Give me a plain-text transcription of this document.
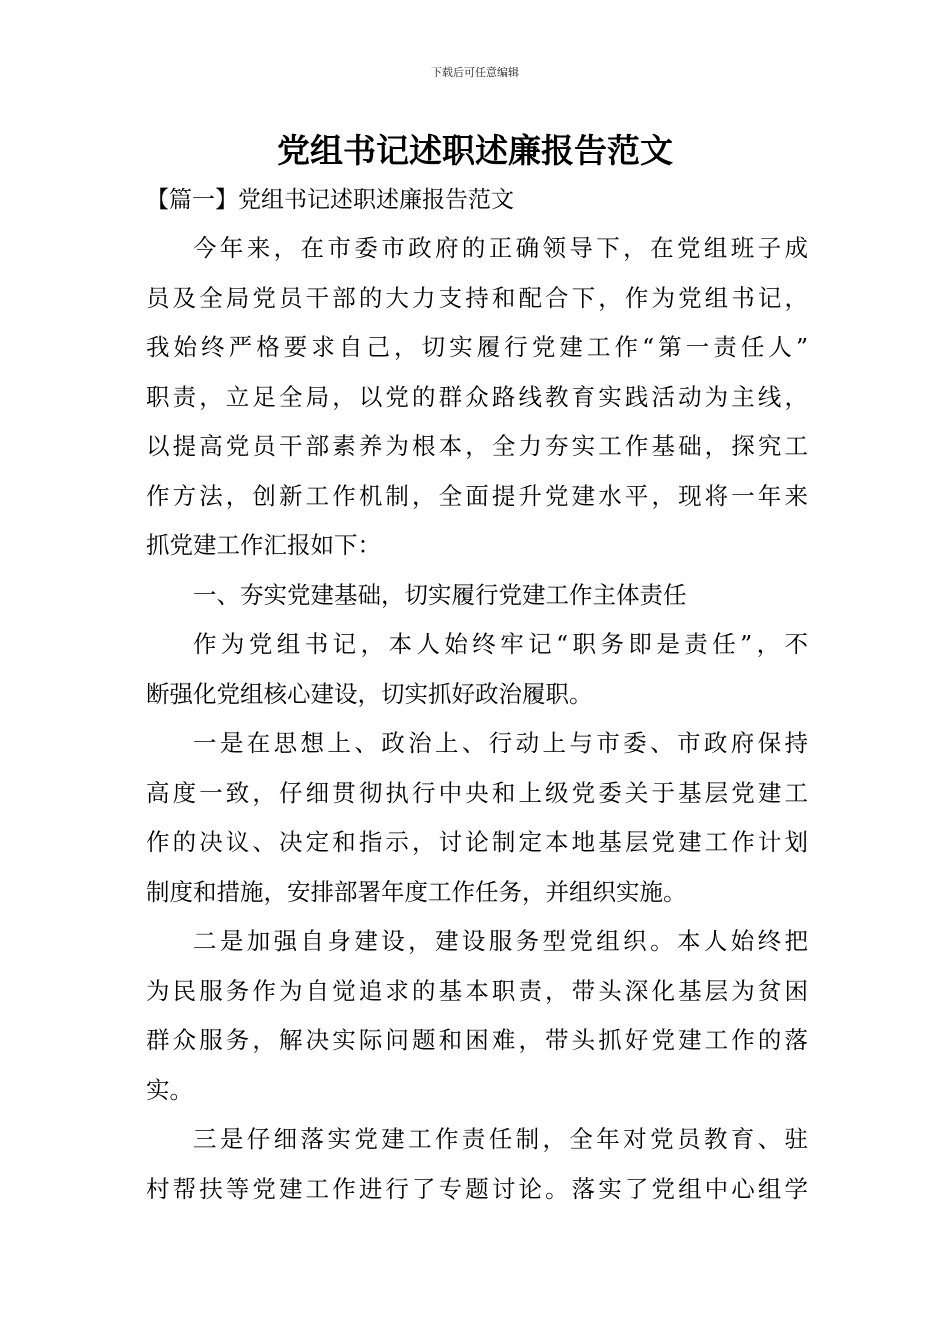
下载后可任意编辑
党组书记述职述廉报告范文
【篇一】党组书记述职述廉报告范文

今年来，在市委市政府的正确领导下，在党组班子成
员及全局党员干部的大力支持和配合下，作为党组书记，
我始终严格要求自己，切实履行党建工作“第一责任人”
职责，立足全局，以党的群众路线教育实践活动为主线，
以提高党员干部素养为根本，全力夯实工作基础，探究工
作方法，创新工作机制，全面提升党建水平，现将一年来
抓党建工作汇报如下：

一、夯实党建基础，切实履行党建工作主体责任

作为党组书记，本人始终牢记“职务即是责任”，不
断强化党组核心建设，切实抓好政治履职。

一是在思想上、政治上、行动上与市委、市政府保持
高度一致，仔细贯彻执行中央和上级党委关于基层党建工
作的决议、决定和指示，讨论制定本地基层党建工作计划
制度和措施，安排部署年度工作任务，并组织实施。

二是加强自身建设，建设服务型党组织。本人始终把
为民服务作为自觉追求的基本职责，带头深化基层为贫困
群众服务，解决实际问题和困难，带头抓好党建工作的落
实。

三是仔细落实党建工作责任制，全年对党员教育、驻
村帮扶等党建工作进行了专题讨论。落实了党组中心组学
